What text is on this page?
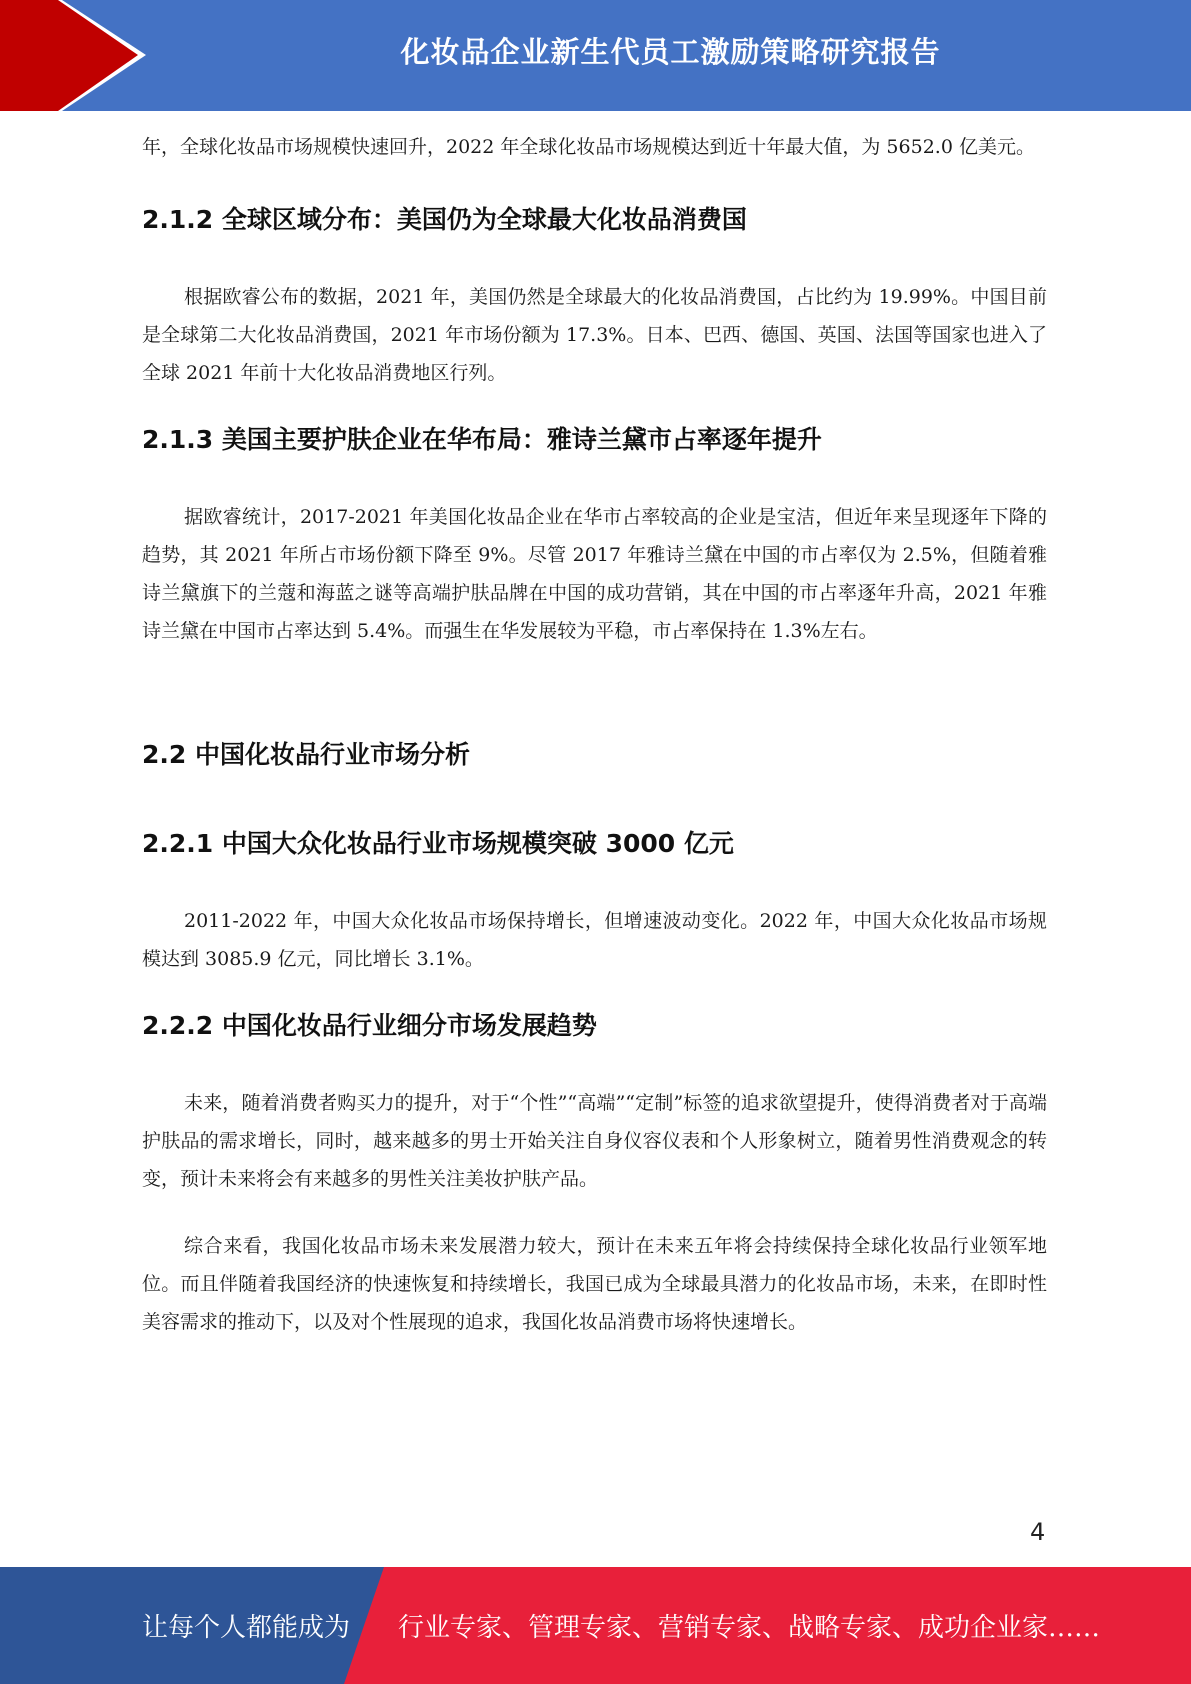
化妆品企业新生代员工激励策略研究报告

年，全球化妆品市场规模快速回升，2022 年全球化妆品市场规模达到近十年最大值，为 5652.0 亿美元。

2.1.2 全球区域分布：美国仍为全球最大化妆品消费国

根据欧睿公布的数据，2021 年，美国仍然是全球最大的化妆品消费国，占比约为 19.99%。中国目前是全球第二大化妆品消费国，2021 年市场份额为 17.3%。日本、巴西、德国、英国、法国等国家也进入了全球 2021 年前十大化妆品消费地区行列。

2.1.3 美国主要护肤企业在华布局：雅诗兰黛市占率逐年提升

据欧睿统计，2017-2021 年美国化妆品企业在华市占率较高的企业是宝洁，但近年来呈现逐年下降的趋势，其 2021 年所占市场份额下降至 9%。尽管 2017 年雅诗兰黛在中国的市占率仅为 2.5%，但随着雅诗兰黛旗下的兰蔻和海蓝之谜等高端护肤品牌在中国的成功营销，其在中国的市占率逐年升高，2021 年雅诗兰黛在中国市占率达到 5.4%。而强生在华发展较为平稳，市占率保持在 1.3%左右。

2.2 中国化妆品行业市场分析
2.2.1 中国大众化妆品行业市场规模突破 3000 亿元

2011-2022 年，中国大众化妆品市场保持增长，但增速波动变化。2022 年，中国大众化妆品市场规模达到 3085.9 亿元，同比增长 3.1%。

2.2.2 中国化妆品行业细分市场发展趋势

未来，随着消费者购买力的提升，对于“个性”“高端”“定制”标签的追求欲望提升，使得消费者对于高端护肤品的需求增长，同时，越来越多的男士开始关注自身仪容仪表和个人形象树立，随着男性消费观念的转变，预计未来将会有来越多的男性关注美妆护肤产品。

综合来看，我国化妆品市场未来发展潜力较大，预计在未来五年将会持续保持全球化妆品行业领军地位。而且伴随着我国经济的快速恢复和持续增长，我国已成为全球最具潜力的化妆品市场，未来，在即时性美容需求的推动下，以及对个性展现的追求，我国化妆品消费市场将快速增长。

4
让每个人都能成为 行业专家、管理专家、营销专家、战略专家、成功企业家……
